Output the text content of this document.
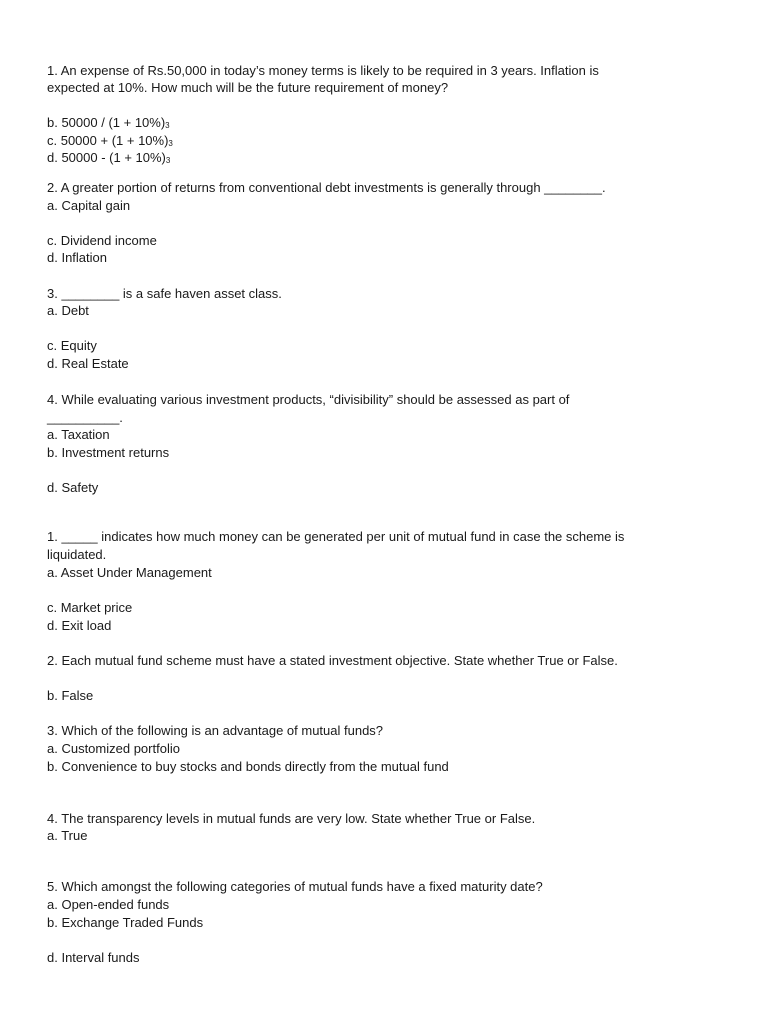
1. An expense of Rs.50,000 in today’s money terms is likely to be required in 3 years. Inflation is
expected at 10%. How much will be the future requirement of money?
b. $50000 / (1 + 10\%)_3$
c. $50000 + (1 + 10\%)_3$
d. $50000 - (1 + 10\%)_3$
2. A greater portion of returns from conventional debt investments is generally through ________.
a. Capital gain
c. Dividend income
d. Inflation
3. ________ is a safe haven asset class.
a. Debt
c. Equity
d. Real Estate
4. While evaluating various investment products, “divisibility” should be assessed as part of
__________.
a. Taxation
b. Investment returns
d. Safety
1. _____ indicates how much money can be generated per unit of mutual fund in case the scheme is
liquidated.
a. Asset Under Management
c. Market price
d. Exit load
2. Each mutual fund scheme must have a stated investment objective. State whether True or False.
b. False
3. Which of the following is an advantage of mutual funds?
a. Customized portfolio
b. Convenience to buy stocks and bonds directly from the mutual fund
4. The transparency levels in mutual funds are very low. State whether True or False.
a. True
5. Which amongst the following categories of mutual funds have a fixed maturity date?
a. Open-ended funds
b. Exchange Traded Funds
d. Interval funds
